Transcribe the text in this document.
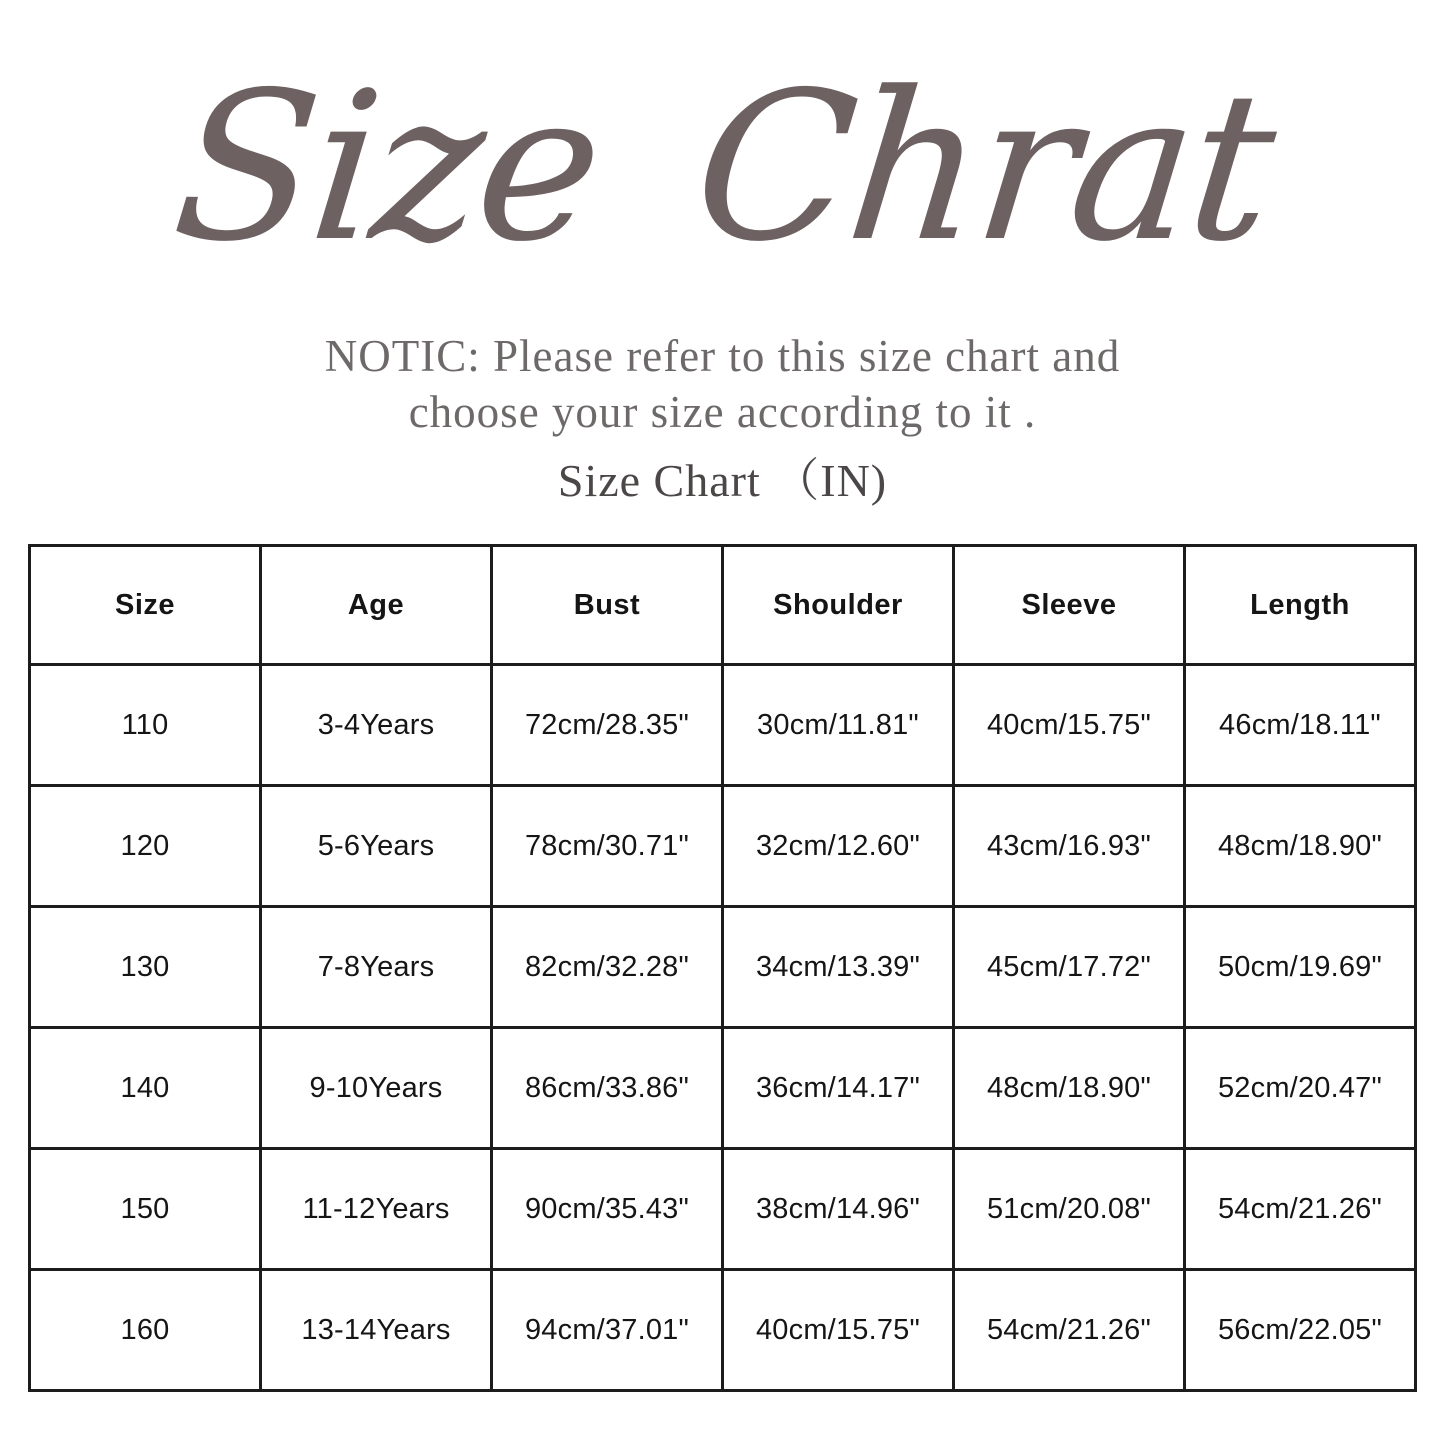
Size Chrat
NOTIC: Please refer to this size chart and
choose your size according to it .
Size Chart （IN)
Size	Age	Bust	Shoulder	Sleeve	Length
110	3-4Years	72cm/28.35"	30cm/11.81"	40cm/15.75"	46cm/18.11"
120	5-6Years	78cm/30.71"	32cm/12.60"	43cm/16.93"	48cm/18.90"
130	7-8Years	82cm/32.28"	34cm/13.39"	45cm/17.72"	50cm/19.69"
140	9-10Years	86cm/33.86"	36cm/14.17"	48cm/18.90"	52cm/20.47"
150	11-12Years	90cm/35.43"	38cm/14.96"	51cm/20.08"	54cm/21.26"
160	13-14Years	94cm/37.01"	40cm/15.75"	54cm/21.26"	56cm/22.05"
